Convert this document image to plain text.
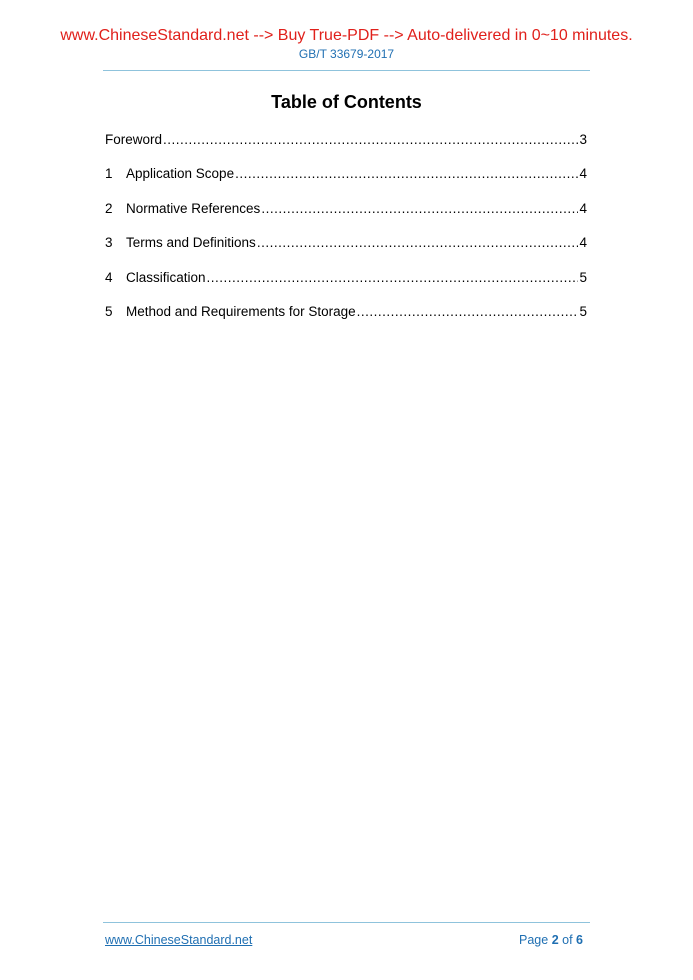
www.ChineseStandard.net --> Buy True-PDF --> Auto-delivered in 0~10 minutes.
GB/T 33679-2017
Table of Contents
Foreword .....	3
1 Application Scope .....	4
2 Normative References .....	4
3 Terms and Definitions .....	4
4 Classification .....	5
5 Method and Requirements for Storage .....	5
www.ChineseStandard.net	Page 2 of 6
